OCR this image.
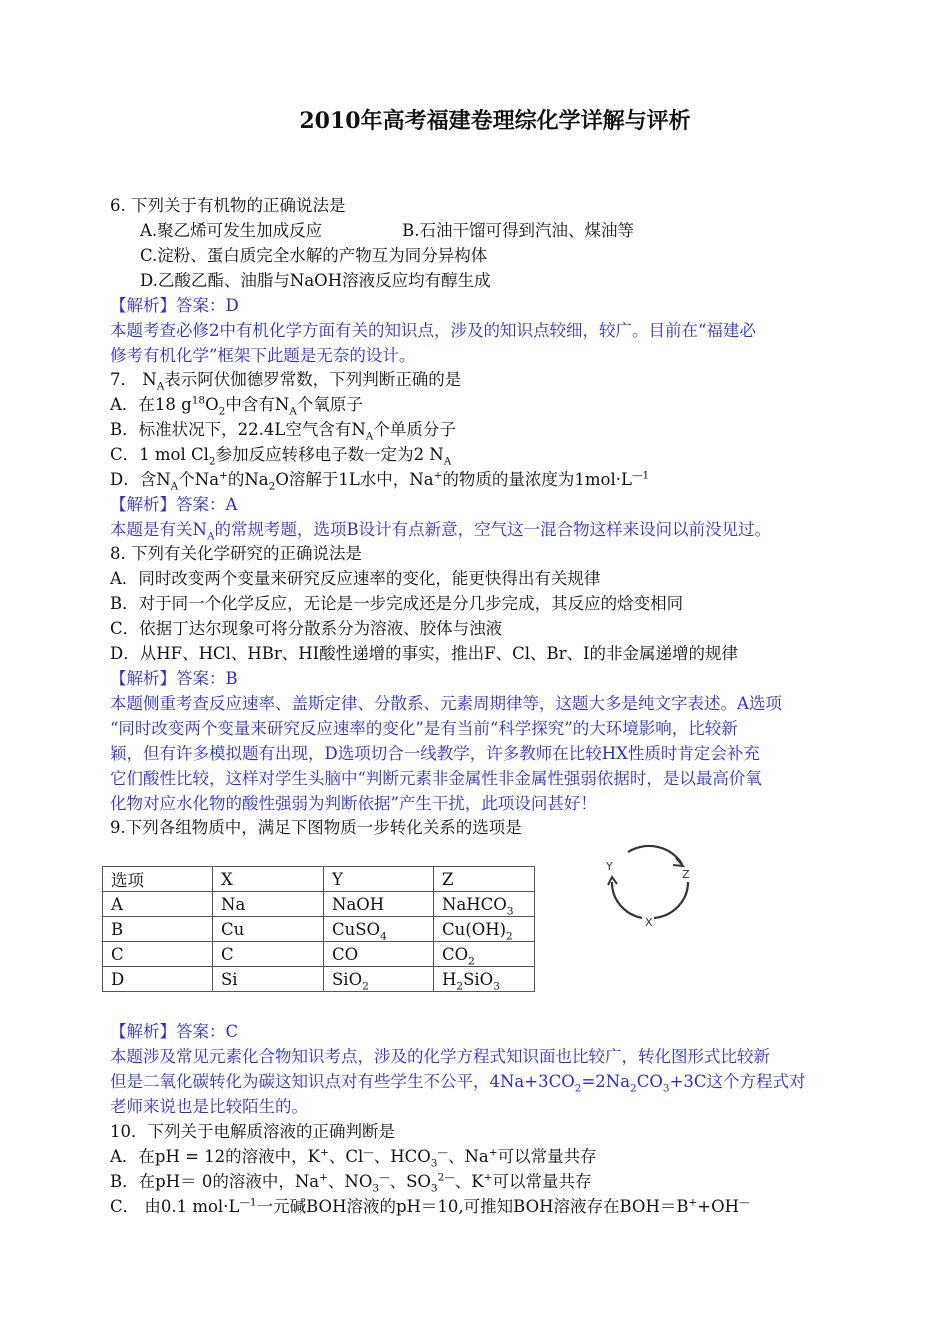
2010年高考福建卷理综化学详解与评析
6. 下列关于有机物的正确说法是
A.聚乙烯可发生加成反应	B.石油干馏可得到汽油、煤油等
C.淀粉、蛋白质完全水解的产物互为同分异构体
D.乙酸乙酯、油脂与NaOH溶液反应均有醇生成
【解析】答案：D
本题考查必修2中有机化学方面有关的知识点，涉及的知识点较细，较广。目前在“福建必
修考有机化学”框架下此题是无奈的设计。
7． $N_A$表示阿伏伽德罗常数，下列判断正确的是
A．在18 $g^{18}O_2$中含有$N_A$个氧原子
B．标准状况下，22.4L空气含有$N_A$个单质分子
C．1 mol $Cl_2$参加反应转移电子数一定为2 $N_A$
D．含$N_A$个Na+的$Na_2O$溶解于1L水中，Na+的物质的量浓度为$1mol\cdot L^{—1}$
【解析】答案：A
本题是有关$N_A$的常规考题，选项B设计有点新意，空气这一混合物这样来设问以前没见过。
8. 下列有关化学研究的正确说法是
A．同时改变两个变量来研究反应速率的变化，能更快得出有关规律
B．对于同一个化学反应，无论是一步完成还是分几步完成，其反应的焓变相同
C．依据丁达尔现象可将分散系分为溶液、胶体与浊液
D．从HF、HCl、HBr、HI酸性递增的事实，推出F、Cl、Br、I的非金属递增的规律
【解析】答案：B
本题侧重考查反应速率、盖斯定律、分散系、元素周期律等，这题大多是纯文字表述。A选项
“同时改变两个变量来研究反应速率的变化”是有当前“科学探究”的大环境影响，比较新
颖，但有许多模拟题有出现，D选项切合一线教学，许多教师在比较HX性质时肯定会补充
它们酸性比较，这样对学生头脑中“判断元素非金属性非金属性强弱依据时，是以最高价氧
化物对应水化物的酸性强弱为判断依据”产生干扰，此项设问甚好！
9.下列各组物质中，满足下图物质一步转化关系的选项是
选项	X	Y	Z
A	Na	NaOH	NaHCO$_3$
B	Cu	CuSO$_4$	$Cu(OH)_2$
C	C	CO	$CO_2$
D	Si	SiO$_2$	$H_2SiO_3$
Y
Z
X
【解析】答案：C
本题涉及常见元素化合物知识考点，涉及的化学方程式知识面也比较广，转化图形式比较新
但是二氧化碳转化为碳这知识点对有些学生不公平，$4Na+3CO_2=2Na_2CO_3+3C$这个方程式对
老师来说也是比较陌生的。
10．下列关于电解质溶液的正确判断是
A．在pH = 12的溶液中，K+、Cl—、$HCO_3^—$、Na+可以常量共存
B．在pH＝ 0的溶液中，Na+、$NO_3^—$、$SO_3^{2—}$、K+可以常量共存
C． 由0.1 $mol\cdot L^{—1}$一元碱BOH溶液的pH＝10,可推知BOH溶液存在BOH＝B++OH—
